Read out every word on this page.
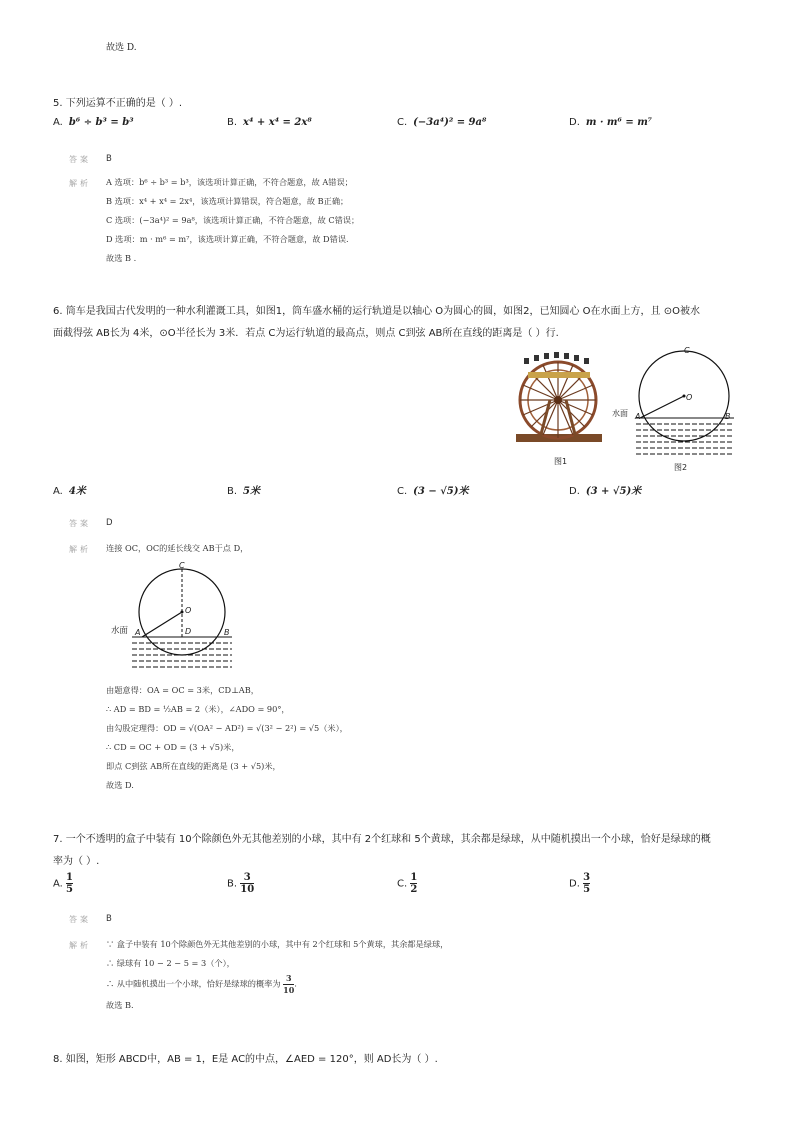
故选 D.
5. 下列运算不正确的是（ ）.
A. b⁶ ÷ b³ = b³	B. x⁴ + x⁴ = 2x⁸	C. (−3a⁴)² = 9a⁸	D. m · m⁶ = m⁷
答案 B
解析 A 选项：b⁶ ÷ b³ = b³，该选项计算正确，不符合题意，故 A错误；
B 选项：x⁴ + x⁴ = 2x⁴，该选项计算错误，符合题意，故 B正确；
C 选项：(−3a⁴)² = 9a⁸，该选项计算正确，不符合题意，故 C错误；
D 选项：m · m⁶ = m⁷，该选项计算正确，不符合题意，故 D错误.
故选 B .
6. 筒车是我国古代发明的一种水利灌溉工具，如图1，筒车盛水桶的运行轨道是以轴心 O为圆心的圆，如图2，已知圆心 O在水面上方，且 ⊙O被水
面截得弦 AB长为 4米，⊙O半径长为 3米．若点 C为运行轨道的最高点，则点 C到弦 AB所在直线的距离是（ ）行.
图1
C
O
A	B
水面
图2
A. 4米	B. 5米	C. (3 − √5)米	D. (3 + √5)米
答案 D
解析 连接 OC，OC的延长线交 AB于点 D，
C
O
D
A	B
水面
由题意得：OA = OC = 3米，CD⊥AB，
∴ AD = BD = ½AB = 2（米），∠ADO = 90°，
由勾股定理得：OD = √(OA² − AD²) = √(3² − 2²) = √5（米），
∴ CD = OC + OD = (3 + √5)米，
即点 C到弦 AB所在直线的距离是 (3 + √5)米，
故选 D.
7. 一个不透明的盒子中装有 10个除颜色外无其他差别的小球，其中有 2个红球和 5个黄球，其余都是绿球，从中随机摸出一个小球，恰好是绿球的概
率为（ ）.
A. $\frac{1}{5}$	B. $\frac{3}{10}$	C. $\frac{1}{2}$	D. $\frac{3}{5}$
答案 B
解析 ∵ 盒子中装有 10个除颜色外无其他差别的小球，其中有 2个红球和 5个黄球，其余都是绿球，
∴ 绿球有 10 − 2 − 5 = 3（个），
∴ 从中随机摸出一个小球，恰好是绿球的概率为 $\frac{3}{10}$ .
故选 B.
8. 如图，矩形 ABCD中，AB = 1，E是 AC的中点，∠AED = 120°，则 AD长为（ ）.
